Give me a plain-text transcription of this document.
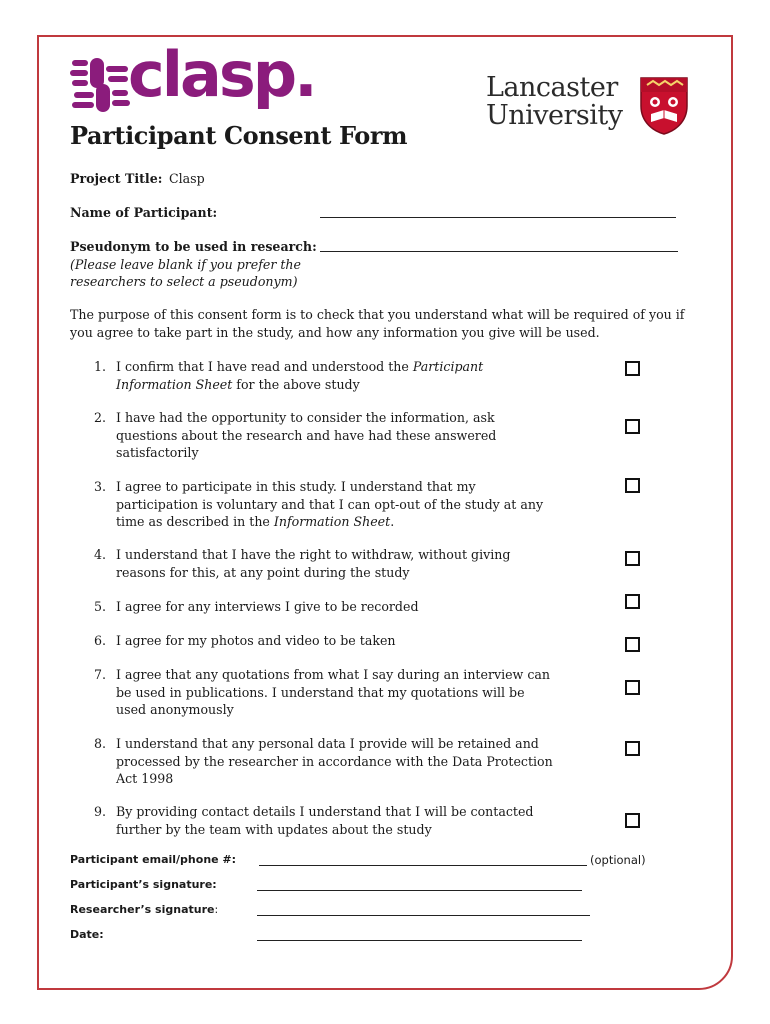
clasp.	Lancaster
University
Participant Consent Form
Project Title: Clasp
Name of Participant:
Pseudonym to be used in research:
(Please leave blank if you prefer the
researchers to select a pseudonym)
The purpose of this consent form is to check that you understand what will be required of you if you agree to take part in the study, and how any information you give will be used.
1. I confirm that I have read and understood the Participant Information Sheet for the above study
2. I have had the opportunity to consider the information, ask questions about the research and have had these answered satisfactorily
3. I agree to participate in this study. I understand that my participation is voluntary and that I can opt-out of the study at any time as described in the Information Sheet.
4. I understand that I have the right to withdraw, without giving reasons for this, at any point during the study
5. I agree for any interviews I give to be recorded
6. I agree for my photos and video to be taken
7. I agree that any quotations from what I say during an interview can be used in publications. I understand that my quotations will be used anonymously
8. I understand that any personal data I provide will be retained and processed by the researcher in accordance with the Data Protection Act 1998
9. By providing contact details I understand that I will be contacted further by the team with updates about the study
Participant email/phone #:	(optional)
Participant’s signature:
Researcher’s signature:
Date:
